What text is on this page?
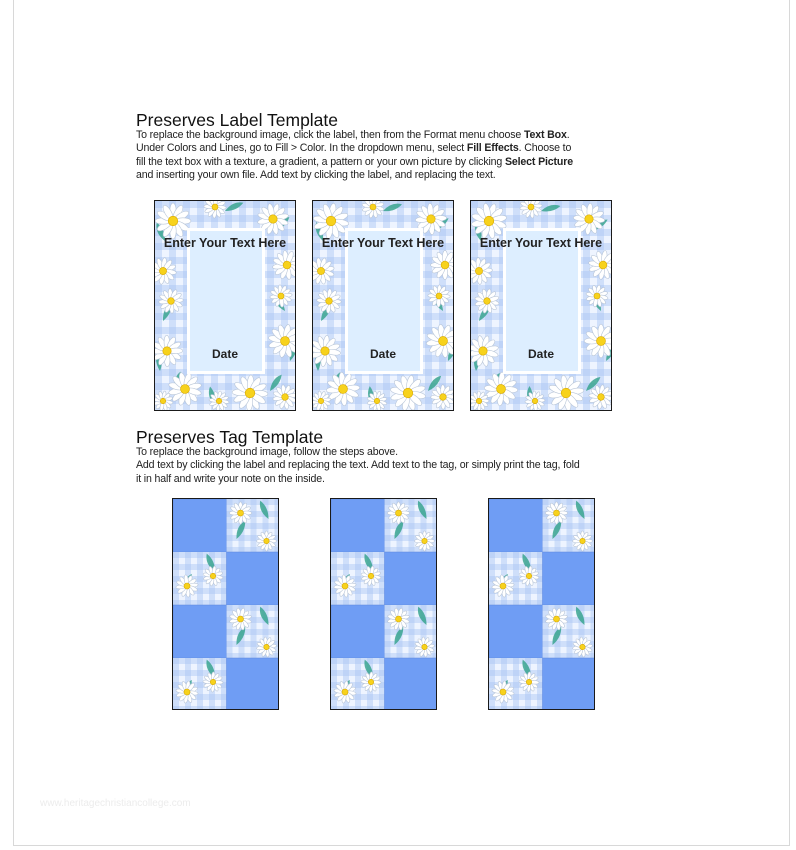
Preserves Label Template
To replace the background image, click the label, then from the Format menu choose Text Box.
Under Colors and Lines, go to Fill > Color. In the dropdown menu, select Fill Effects. Choose to
fill the text box with a texture, a gradient, a pattern or your own picture by clicking Select Picture
and inserting your own file. Add text by clicking the label, and replacing the text.
Enter Your Text Here
Date
Enter Your Text Here
Date
Enter Your Text Here
Date
Preserves Tag Template
To replace the background image, follow the steps above.
Add text by clicking the label and replacing the text. Add text to the tag, or simply print the tag, fold
it in half and write your note on the inside.
www.heritagechristiancollege.com
